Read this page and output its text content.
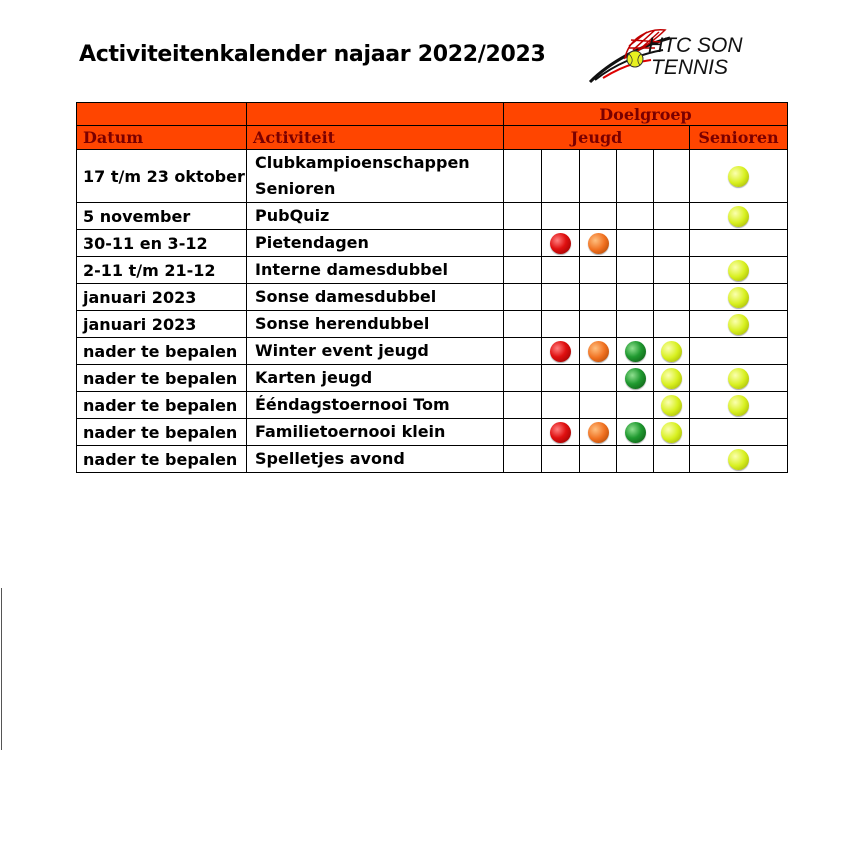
Activiteitenkalender najaar 2022/2023	HTC SON
TENNIS
		Doelgroep					
Datum	Activiteit	Jeugd					Senioren
17 t/m 23 oktober	Clubkampioenschappen
Senioren						

5 november	PubQuiz						

30-11 en 3-12	Pietendagen						

2-11 t/m 21-12	Interne damesdubbel						

januari 2023	Sonse damesdubbel						

januari 2023	Sonse herendubbel						

nader te bepalen	Winter event jeugd						

nader te bepalen	Karten jeugd						

nader te bepalen	Ééndagstoernooi Tom						

nader te bepalen	Familietoernooi klein						

nader te bepalen	Spelletjes avond						
